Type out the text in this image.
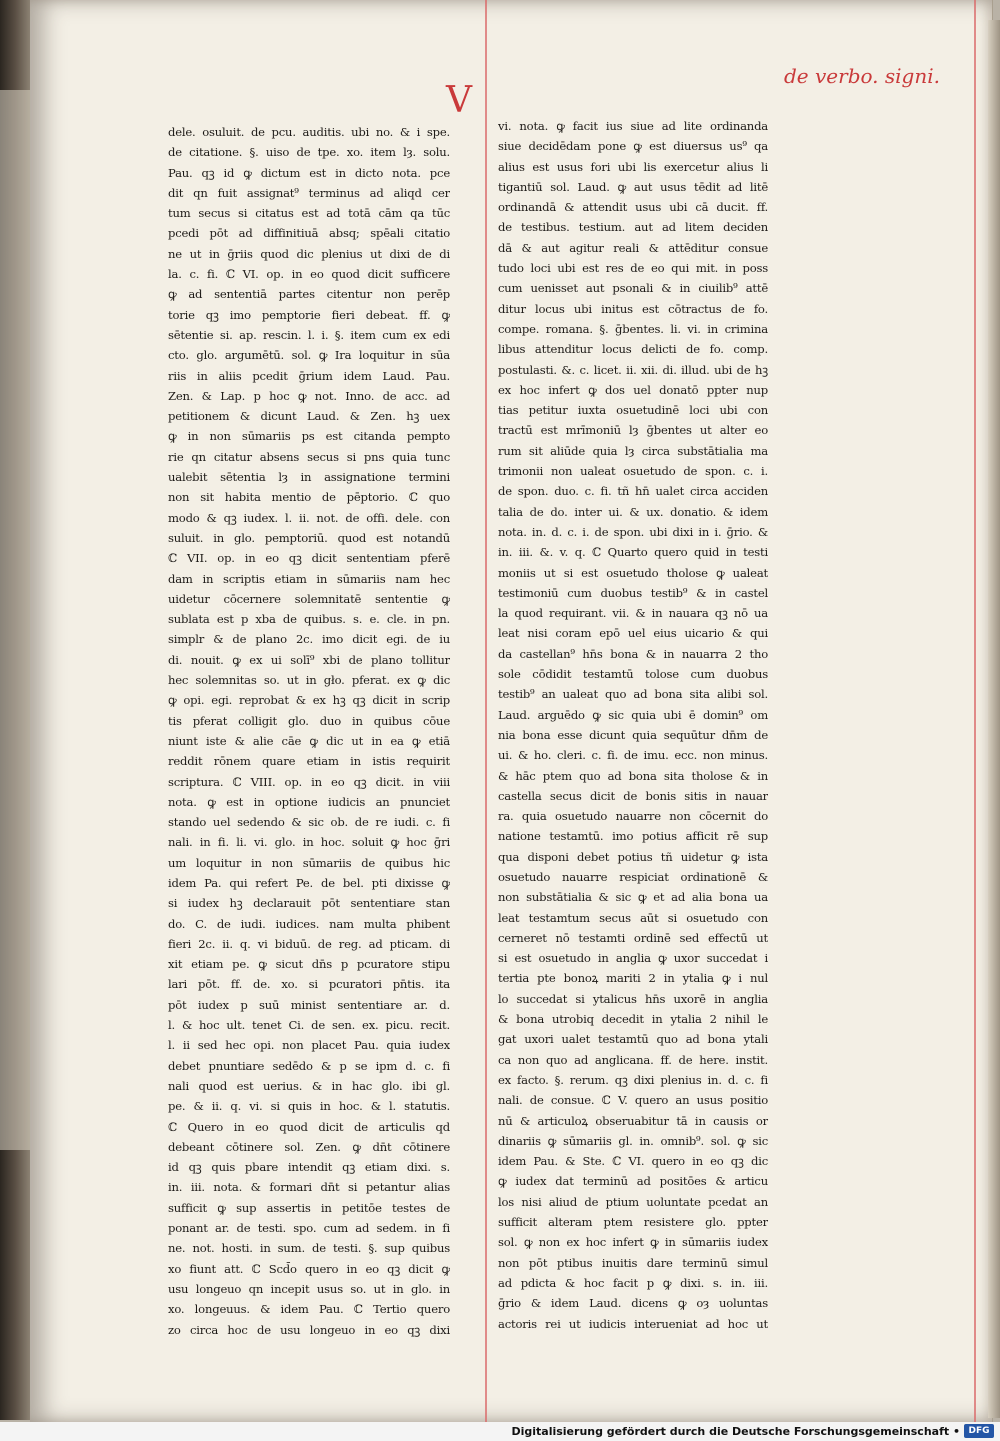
V
de verbo. signi.
dele. osuluit. de pcu. auditis. ubi no. & i spe.
de citatione. §. uiso de tpe. xo. item lȝ. solu.
Pau. qꝫ id ꝙ dictum est in dicto nota. pce
dit qn fuit assignat⁹ terminus ad aliqd cer
tum secus si citatus est ad totā cām qa tūc
pcedi pōt ad diffinitiuā absq; spēali citatio
ne ut in ḡriis quod dic plenius ut dixi de di
la. c. fi. ℂ VI. op. in eo quod dicit sufficere
ꝙ ad sententiā partes citentur non perēp
torie qꝫ imo pemptorie fieri debeat. ff. ꝙ
sētentie si. ap. rescin. l. i. §. item cum ex edi
cto. glo. argumētū. sol. ꝙ Ira loquitur in sūa
riis in aliis pcedit ḡrium idem Laud. Pau.
Zen. & Lap. p hoc ꝙ not. Inno. de acc. ad
petitionem & dicunt Laud. & Zen. hꝫ uex
ꝙ in non sūmariis ps est citanda pempto
rie qn citatur absens secus si pns quia tunc
ualebit sētentia lȝ in assignatione termini
non sit habita mentio de pēptorio. ℂ quo
modo & qꝫ iudex. l. ii. not. de offi. dele. con
suluit. in glo. pemptoriū. quod est notandū
ℂ VII. op. in eo qꝫ dicit sententiam pferē
dam in scriptis etiam in sūmariis nam hec
uidetur cōcernere solemnitatē sententie ꝙ
sublata est p xba de quibus. s. e. cle. in pn.
simplr & de plano 2c. imo dicit egi. de iu
di. nouit. ꝙ ex ui solī⁹ xbi de plano tollitur
hec solemnitas so. ut in gło. pferat. ex ꝙ dic
ꝙ opi. egi. reprobat & ex hꝫ qꝫ dicit in scrip
tis pferat colligit glo. duo in quibus cōue
niunt iste & alie cāe ꝙ dic ut in ea ꝙ etiā
reddit rōnem quare etiam in istis requirit
scriptura. ℂ VIII. op. in eo qꝫ dicit. in viii
nota. ꝙ est in optione iudicis an pnunciet
stando uel sedendo & sic ob. de re iudi. c. fi
nali. in fi. li. vi. glo. in hoc. soluit ꝙ hoc ḡri
um loquitur in non sūmariis de quibus hic
idem Pa. qui refert Pe. de bel. pti dixisse ꝙ
si iudex hꝫ declarauit pōt sententiare stan
do. C. de iudi. iudices. nam multa phibent
fieri 2c. ii. q. vi biduū. de reg. ad pticam. di
xit etiam pe. ꝙ sicut dn̄s p pcuratore stipu
lari pōt. ff. de. xo. si pcuratori pn̄tis. ita
pōt iudex p suū minist sententiare ar. d.
l. & hoc ult. tenet Ci. de sen. ex. picu. recit.
l. ii sed hec opi. non placet Pau. quia iudex
debet pnuntiare sedēdo & p se ipm d. c. fi
nali quod est uerius. & in hac glo. ibi gl.
pe. & ii. q. vi. si quis in hoc. & l. statutis.
ℂ Quero in eo quod dicit de articulis qd
debeant cōtinere sol. Zen. ꝙ dn̄t cōtinere
id qꝫ quis pbare intendit qꝫ etiam dixi. s.
in. iii. nota. & formari dn̄t si petantur alias
sufficit ꝙ sup assertis in petitōe testes de
ponant ar. de testi. spo. cum ad sedem. in fi
ne. not. hosti. in sum. de testi. §. sup quibus
xo fiunt att. ℂ Scd̄o quero in eo qꝫ dicit ꝙ
usu longeuo qn incepit usus so. ut in glo. in
xo. longeuus. & idem Pau. ℂ Tertio quero
zo circa hoc de usu longeuo in eo qꝫ dixi
vi. nota. ꝙ facit ius siue ad lite ordinanda
siue decidēdam pone ꝙ est diuersus us⁹ qa
alius est usus fori ubi lis exercetur alius li
tigantiū sol. Laud. ꝙ aut usus tēdit ad litē
ordinandā & attendit usus ubi cā ducit. ff.
de testibus. testium. aut ad litem deciden
dā & aut agitur reali & attēditur consue
tudo loci ubi est res de eo qui mit. in poss
cum uenisset aut psonali & in ciuilib⁹ attē
ditur locus ubi initus est cōtractus de fo.
compe. romana. §. ḡbentes. li. vi. in crimina
libus attenditur locus delicti de fo. comp.
postulasti. &. c. licet. ii. xii. di. illud. ubi de hꝫ
ex hoc infert ꝙ dos uel donatō ppter nup
tias petitur iuxta osuetudinē loci ubi con
tractū est mrīmoniū lȝ ḡbentes ut alter eo
rum sit aliūde quia lȝ circa substātialia ma
trimonii non ualeat osuetudo de spon. c. i.
de spon. duo. c. fi. tñ hn̄ ualet circa acciden
talia de do. inter ui. & ux. donatio. & idem
nota. in. d. c. i. de spon. ubi dixi in i. ḡrio. &
in. iii. &. v. q. ℂ Quarto quero quid in testi
moniis ut si est osuetudo tholose ꝙ ualeat
testimoniū cum duobus testib⁹ & in castel
la quod requirant. vii. & in nauara qꝫ nō ua
leat nisi coram epō uel eius uicario & qui
da castellan⁹ hn̄s bona & in nauarra 2 tho
sole cōdidit testamtū tolose cum duobus
testib⁹ an ualeat quo ad bona sita alibi sol.
Laud. arguēdo ꝙ sic quia ubi ē domin⁹ om
nia bona esse dicunt quia sequūtur dn̄m de
ui. & ho. cleri. c. fi. de imu. ecc. non minus.
& hāc ptem quo ad bona sita tholose & in
castella secus dicit de bonis sitis in nauar
ra. quia osuetudo nauarre non cōcernit do
natione testamtū. imo potius afficit rē sup
qua disponi debet potius tñ uidetur ꝙ ista
osuetudo nauarre respiciat ordinationē &
non substātialia & sic ꝙ et ad alia bona ua
leat testamtum secus aūt si osuetudo con
cerneret nō testamti ordinē sed effectū ut
si est osuetudo in anglia ꝙ uxor succedat i
tertia pte bonoꝝ mariti 2 in ytalia ꝙ i nul
lo succedat si ytalicus hn̄s uxorē in anglia
& bona utrobiq decedit in ytalia 2 nihil le
gat uxori ualet testamtū quo ad bona ytali
ca non quo ad anglicana. ff. de here. instit.
ex facto. §. rerum. qꝫ dixi plenius in. d. c. fi
nali. de consue. ℂ V. quero an usus positio
nū & articuloꝝ obseruabitur tā in causis or
dinariis ꝙ sūmariis gl. in. omnib⁹. sol. ꝙ sic
idem Pau. & Ste. ℂ VI. quero in eo qꝫ dic
ꝙ iudex dat terminū ad positōes & articu
los nisi aliud de ptium uoluntate pcedat an
sufficit alteram ptem resistere glo. ppter
sol. ꝙ non ex hoc infert ꝙ in sūmariis iudex
non pōt ptibus inuitis dare terminū simul
ad pdicta & hoc facit p ꝙ dixi. s. in. iii.
ḡrio & idem Laud. dicens ꝙ oȝ uoluntas
actoris rei ut iudicis interueniat ad hoc ut
Digitalisierung gefördert durch die Deutsche Forschungsgemeinschaft • DFG
